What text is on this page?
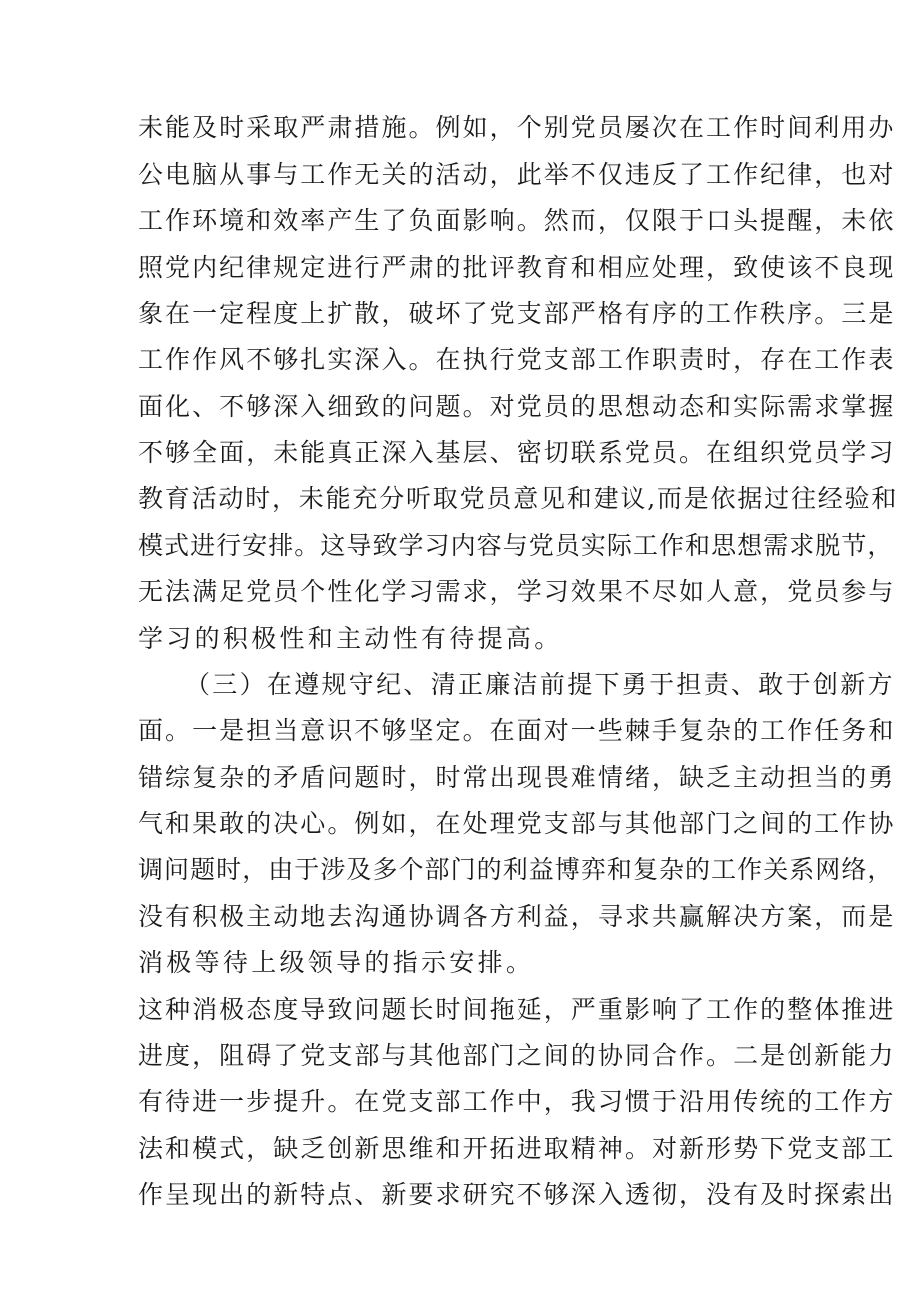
未能及时采取严肃措施。例如，个别党员屡次在工作时间利用办
公电脑从事与工作无关的活动，此举不仅违反了工作纪律，也对
工作环境和效率产生了负面影响。然而，仅限于口头提醒，未依
照党内纪律规定进行严肃的批评教育和相应处理，致使该不良现
象在一定程度上扩散，破坏了党支部严格有序的工作秩序。三是
工作作风不够扎实深入。在执行党支部工作职责时，存在工作表
面化、不够深入细致的问题。对党员的思想动态和实际需求掌握
不够全面，未能真正深入基层、密切联系党员。在组织党员学习
教育活动时，未能充分听取党员意见和建议,而是依据过往经验和
模式进行安排。这导致学习内容与党员实际工作和思想需求脱节，
无法满足党员个性化学习需求，学习效果不尽如人意，党员参与
学习的积极性和主动性有待提高。
（三）在遵规守纪、清正廉洁前提下勇于担责、敢于创新方
面。一是担当意识不够坚定。在面对一些棘手复杂的工作任务和
错综复杂的矛盾问题时，时常出现畏难情绪，缺乏主动担当的勇
气和果敢的决心。例如，在处理党支部与其他部门之间的工作协
调问题时，由于涉及多个部门的利益博弈和复杂的工作关系网络，
没有积极主动地去沟通协调各方利益，寻求共赢解决方案，而是
消极等待上级领导的指示安排。
这种消极态度导致问题长时间拖延，严重影响了工作的整体推进
进度，阻碍了党支部与其他部门之间的协同合作。二是创新能力
有待进一步提升。在党支部工作中，我习惯于沿用传统的工作方
法和模式，缺乏创新思维和开拓进取精神。对新形势下党支部工
作呈现出的新特点、新要求研究不够深入透彻，没有及时探索出
